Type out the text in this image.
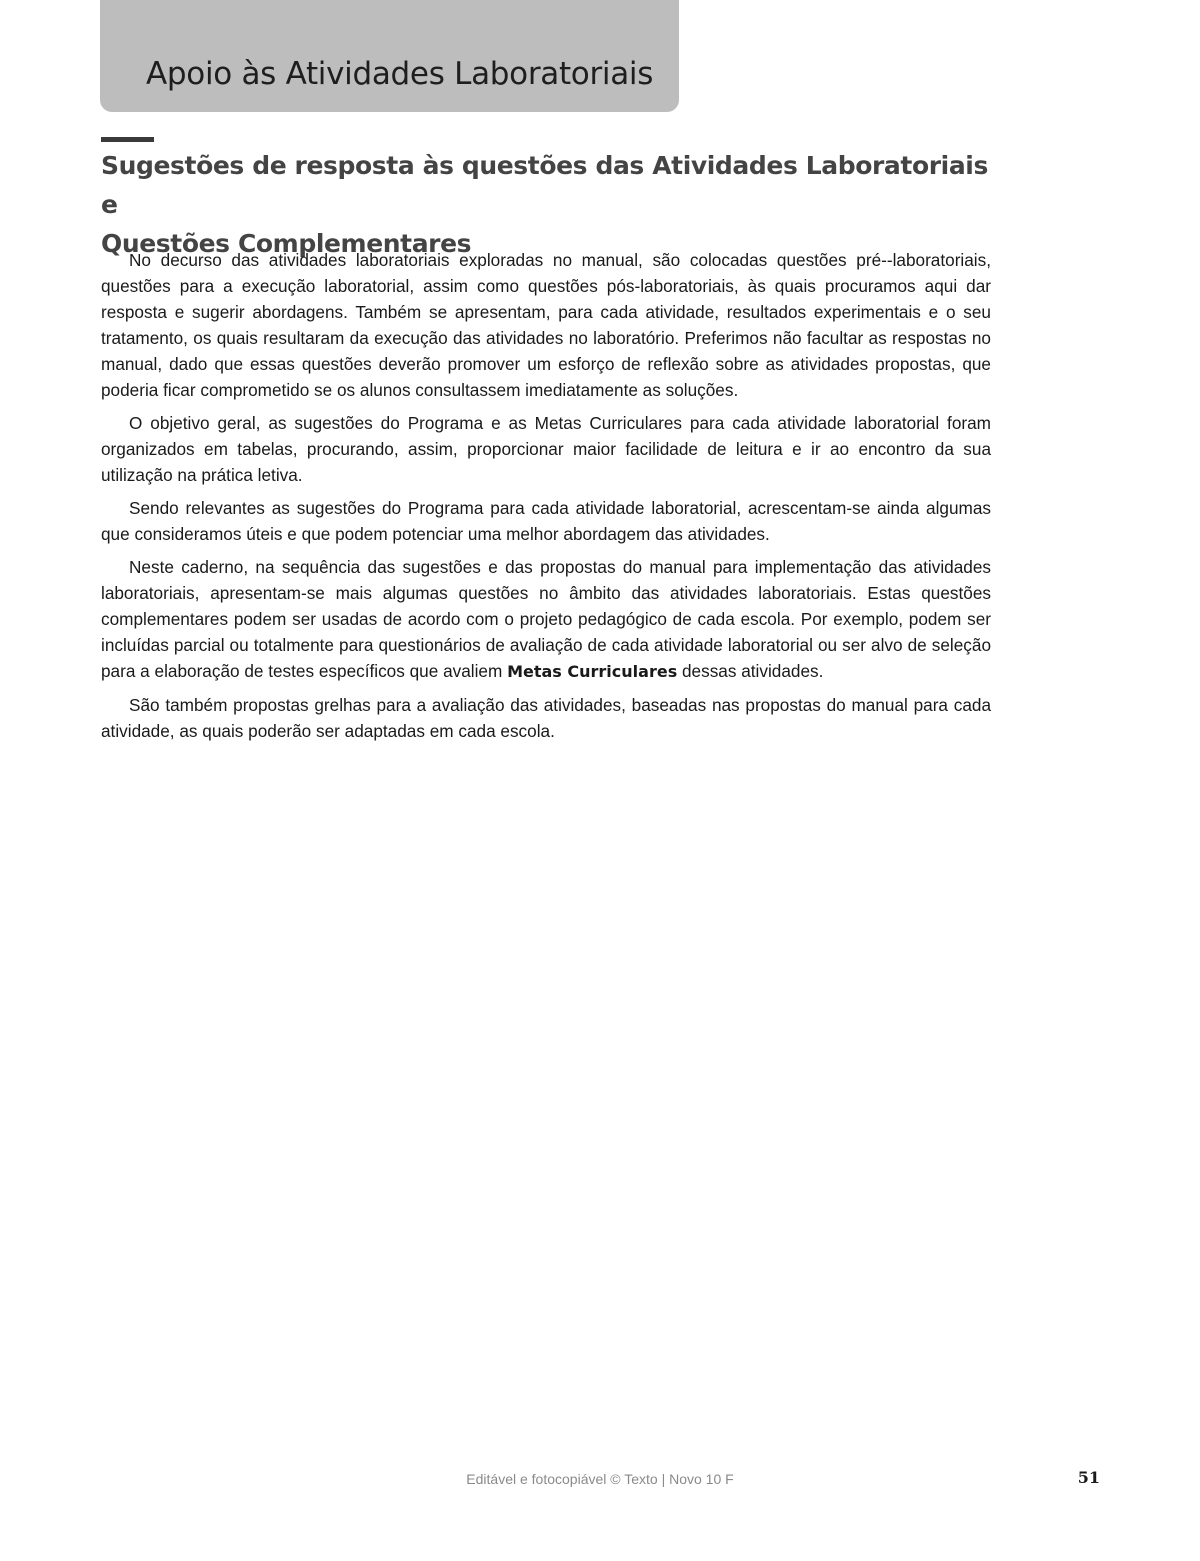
Apoio às Atividades Laboratoriais
Sugestões de resposta às questões das Atividades Laboratoriais e
Questões Complementares

No decurso das atividades laboratoriais exploradas no manual, são colocadas questões pré--laboratoriais, questões para a execução laboratorial, assim como questões pós-laboratoriais, às quais procuramos aqui dar resposta e sugerir abordagens. Também se apresentam, para cada atividade, resultados experimentais e o seu tratamento, os quais resultaram da execução das atividades no laboratório. Preferimos não facultar as respostas no manual, dado que essas questões deverão promover um esforço de reflexão sobre as atividades propostas, que poderia ficar comprometido se os alunos consultassem imediatamente as soluções.

O objetivo geral, as sugestões do Programa e as Metas Curriculares para cada atividade laboratorial foram organizados em tabelas, procurando, assim, proporcionar maior facilidade de leitura e ir ao encontro da sua utilização na prática letiva.

Sendo relevantes as sugestões do Programa para cada atividade laboratorial, acrescentam-se ainda algumas que consideramos úteis e que podem potenciar uma melhor abordagem das atividades.

Neste caderno, na sequência das sugestões e das propostas do manual para implementação das atividades laboratoriais, apresentam-se mais algumas questões no âmbito das atividades laboratoriais. Estas questões complementares podem ser usadas de acordo com o projeto pedagógico de cada escola. Por exemplo, podem ser incluídas parcial ou totalmente para questionários de avaliação de cada atividade laboratorial ou ser alvo de seleção para a elaboração de testes específicos que avaliem Metas Curriculares dessas atividades.

São também propostas grelhas para a avaliação das atividades, baseadas nas propostas do manual para cada atividade, as quais poderão ser adaptadas em cada escola.

Editável e fotocopiável © Texto | Novo 10 F	51
